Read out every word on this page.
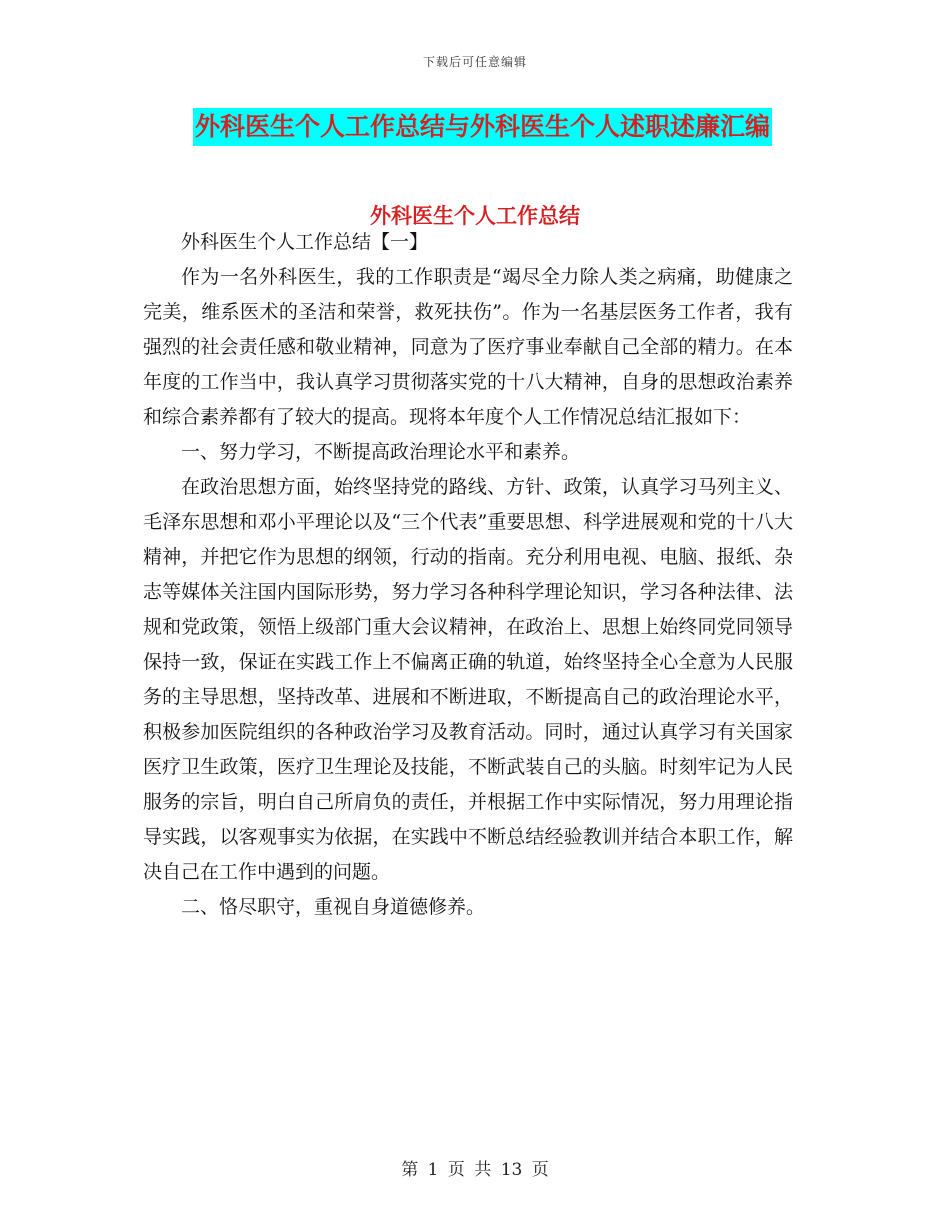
下载后可任意编辑
外科医生个人工作总结与外科医生个人述职述廉汇编
外科医生个人工作总结

外科医生个人工作总结【一】

作为一名外科医生，我的工作职责是“竭尽全力除人类之病痛，助健康之完美，维系医术的圣洁和荣誉，救死扶伤”。作为一名基层医务工作者，我有强烈的社会责任感和敬业精神，同意为了医疗事业奉献自己全部的精力。在本年度的工作当中，我认真学习贯彻落实党的十八大精神，自身的思想政治素养和综合素养都有了较大的提高。现将本年度个人工作情况总结汇报如下：

一、努力学习，不断提高政治理论水平和素养。

在政治思想方面，始终坚持党的路线、方针、政策，认真学习马列主义、毛泽东思想和邓小平理论以及“三个代表”重要思想、科学进展观和党的十八大精神，并把它作为思想的纲领，行动的指南。充分利用电视、电脑、报纸、杂志等媒体关注国内国际形势，努力学习各种科学理论知识，学习各种法律、法规和党政策，领悟上级部门重大会议精神，在政治上、思想上始终同党同领导保持一致，保证在实践工作上不偏离正确的轨道，始终坚持全心全意为人民服务的主导思想，坚持改革、进展和不断进取，不断提高自己的政治理论水平，积极参加医院组织的各种政治学习及教育活动。同时，通过认真学习有关国家医疗卫生政策，医疗卫生理论及技能，不断武装自己的头脑。时刻牢记为人民服务的宗旨，明白自己所肩负的责任，并根据工作中实际情况，努力用理论指导实践，以客观事实为依据，在实践中不断总结经验教训并结合本职工作，解决自己在工作中遇到的问题。

二、恪尽职守，重视自身道德修养。

第 1 页 共 13 页
